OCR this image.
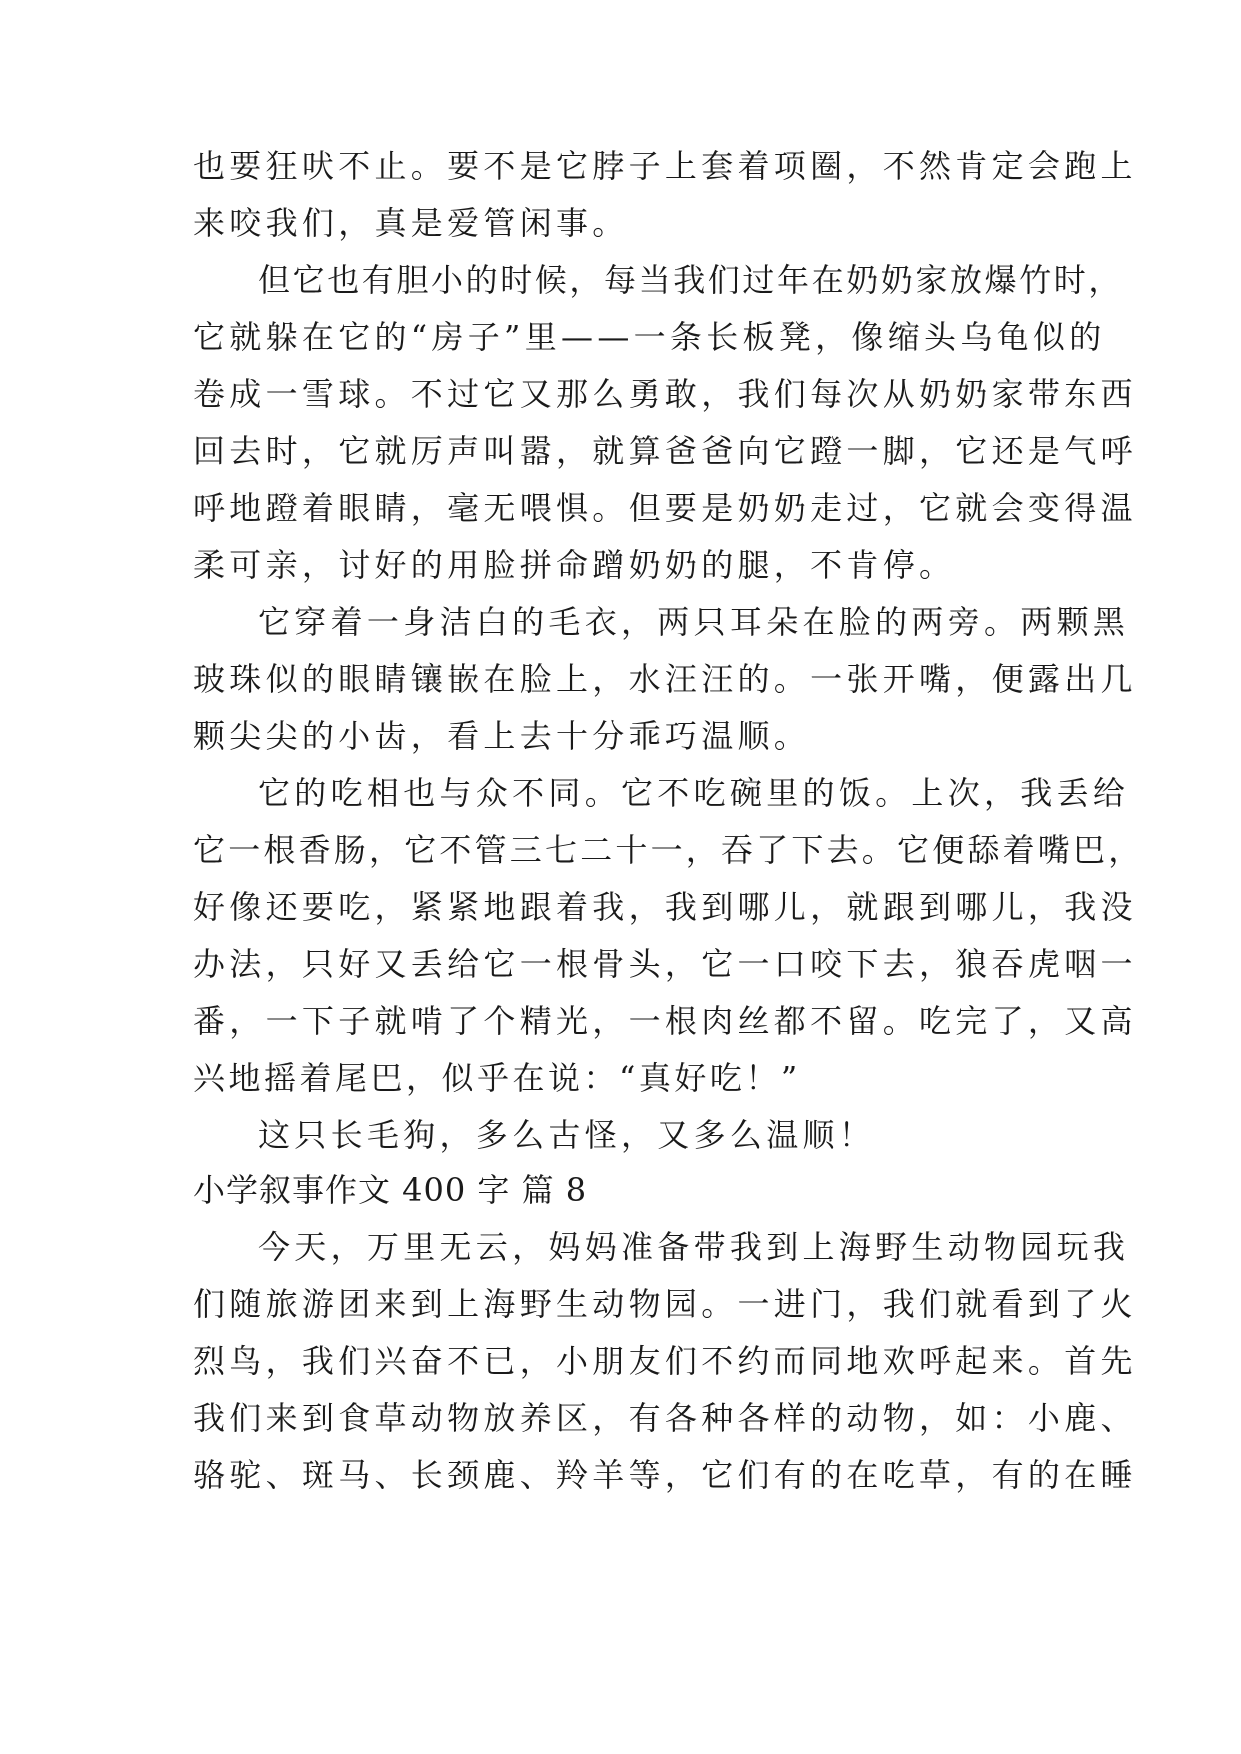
也要狂吠不止。要不是它脖子上套着项圈，不然肯定会跑上
来咬我们，真是爱管闲事。
但它也有胆小的时候，每当我们过年在奶奶家放爆竹时，
它就躲在它的“房子”里——一条长板凳，像缩头乌龟似的
卷成一雪球。不过它又那么勇敢，我们每次从奶奶家带东西
回去时，它就厉声叫嚣，就算爸爸向它蹬一脚，它还是气呼
呼地蹬着眼睛，毫无喂惧。但要是奶奶走过，它就会变得温
柔可亲，讨好的用脸拼命蹭奶奶的腿，不肯停。
它穿着一身洁白的毛衣，两只耳朵在脸的两旁。两颗黑
玻珠似的眼睛镶嵌在脸上，水汪汪的。一张开嘴，便露出几
颗尖尖的小齿，看上去十分乖巧温顺。
它的吃相也与众不同。它不吃碗里的饭。上次，我丢给
它一根香肠，它不管三七二十一，吞了下去。它便舔着嘴巴，
好像还要吃，紧紧地跟着我，我到哪儿，就跟到哪儿，我没
办法，只好又丢给它一根骨头，它一口咬下去，狼吞虎咽一
番，一下子就啃了个精光，一根肉丝都不留。吃完了，又高
兴地摇着尾巴，似乎在说：“真好吃！”
这只长毛狗，多么古怪，又多么温顺！
小学叙事作文 400 字 篇 8
今天，万里无云，妈妈准备带我到上海野生动物园玩我
们随旅游团来到上海野生动物园。一进门，我们就看到了火
烈鸟，我们兴奋不已，小朋友们不约而同地欢呼起来。首先
我们来到食草动物放养区，有各种各样的动物，如：小鹿、
骆驼、斑马、长颈鹿、羚羊等，它们有的在吃草，有的在睡
